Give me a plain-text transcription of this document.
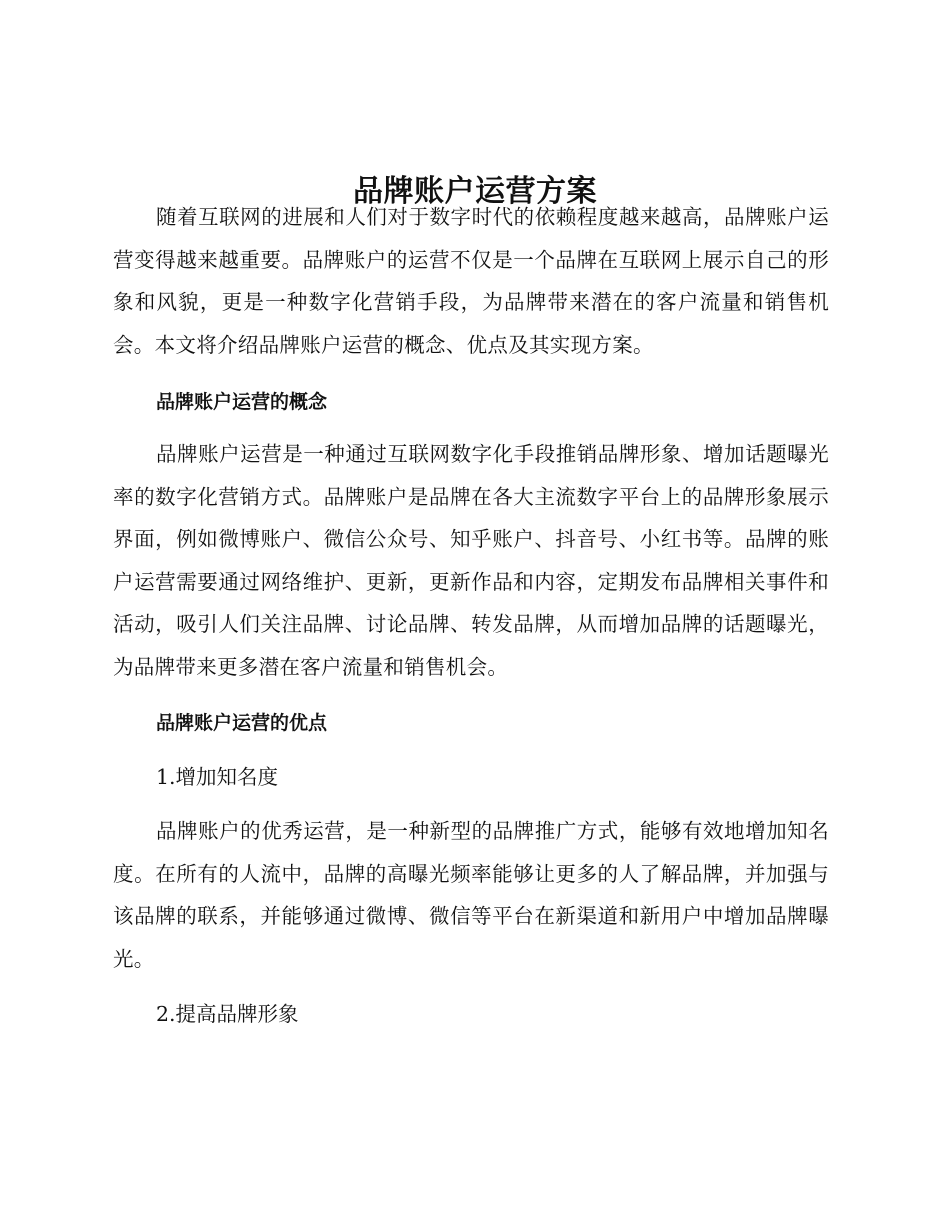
品牌账户运营方案

随着互联网的进展和人们对于数字时代的依赖程度越来越高，品牌账户运营变得越来越重要。品牌账户的运营不仅是一个品牌在互联网上展示自己的形象和风貌，更是一种数字化营销手段，为品牌带来潜在的客户流量和销售机会。本文将介绍品牌账户运营的概念、优点及其实现方案。

品牌账户运营的概念

品牌账户运营是一种通过互联网数字化手段推销品牌形象、增加话题曝光率的数字化营销方式。品牌账户是品牌在各大主流数字平台上的品牌形象展示界面，例如微博账户、微信公众号、知乎账户、抖音号、小红书等。品牌的账户运营需要通过网络维护、更新，更新作品和内容，定期发布品牌相关事件和活动，吸引人们关注品牌、讨论品牌、转发品牌，从而增加品牌的话题曝光，为品牌带来更多潜在客户流量和销售机会。

品牌账户运营的优点

1.增加知名度

品牌账户的优秀运营，是一种新型的品牌推广方式，能够有效地增加知名度。在所有的人流中，品牌的高曝光频率能够让更多的人了解品牌，并加强与该品牌的联系，并能够通过微博、微信等平台在新渠道和新用户中增加品牌曝光。

2.提高品牌形象
